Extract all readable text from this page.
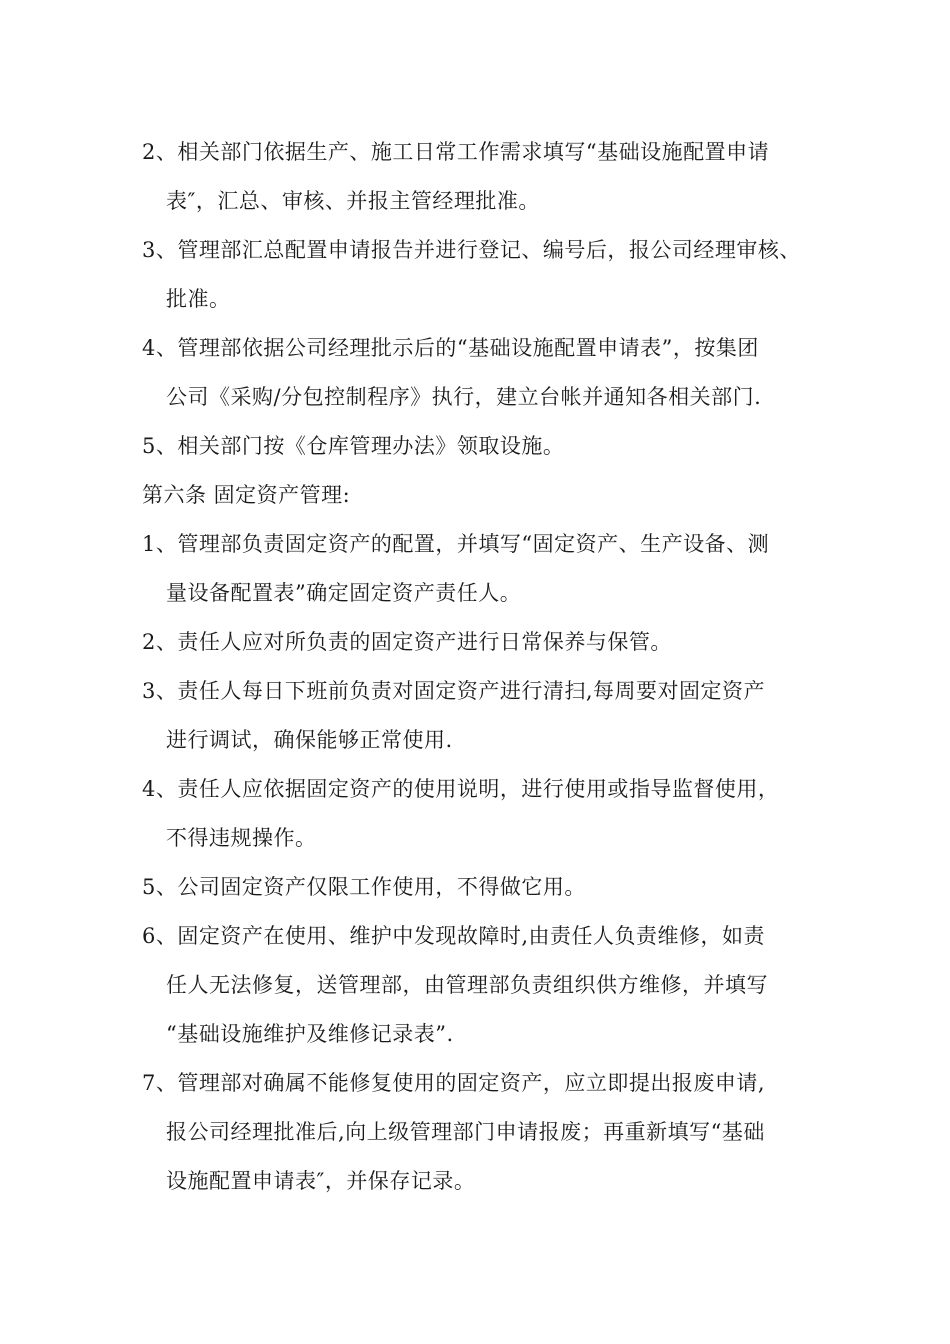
2、相关部门依据生产、施工日常工作需求填写“基础设施配置申请
表″，汇总、审核、并报主管经理批准。
3、管理部汇总配置申请报告并进行登记、编号后，报公司经理审核、
批准。
4、管理部依据公司经理批示后的“基础设施配置申请表”，按集团
公司《采购/分包控制程序》执行，建立台帐并通知各相关部门.
5、相关部门按《仓库管理办法》领取设施。
第六条 固定资产管理:
1、管理部负责固定资产的配置，并填写“固定资产、生产设备、测
量设备配置表”确定固定资产责任人。
2、责任人应对所负责的固定资产进行日常保养与保管。
3、责任人每日下班前负责对固定资产进行清扫,每周要对固定资产
进行调试，确保能够正常使用.
4、责任人应依据固定资产的使用说明，进行使用或指导监督使用，
不得违规操作。
5、公司固定资产仅限工作使用，不得做它用。
6、固定资产在使用、维护中发现故障时,由责任人负责维修，如责
任人无法修复，送管理部，由管理部负责组织供方维修，并填写
“基础设施维护及维修记录表”.
7、管理部对确属不能修复使用的固定资产，应立即提出报废申请,
报公司经理批准后,向上级管理部门申请报废；再重新填写“基础
设施配置申请表″，并保存记录。
